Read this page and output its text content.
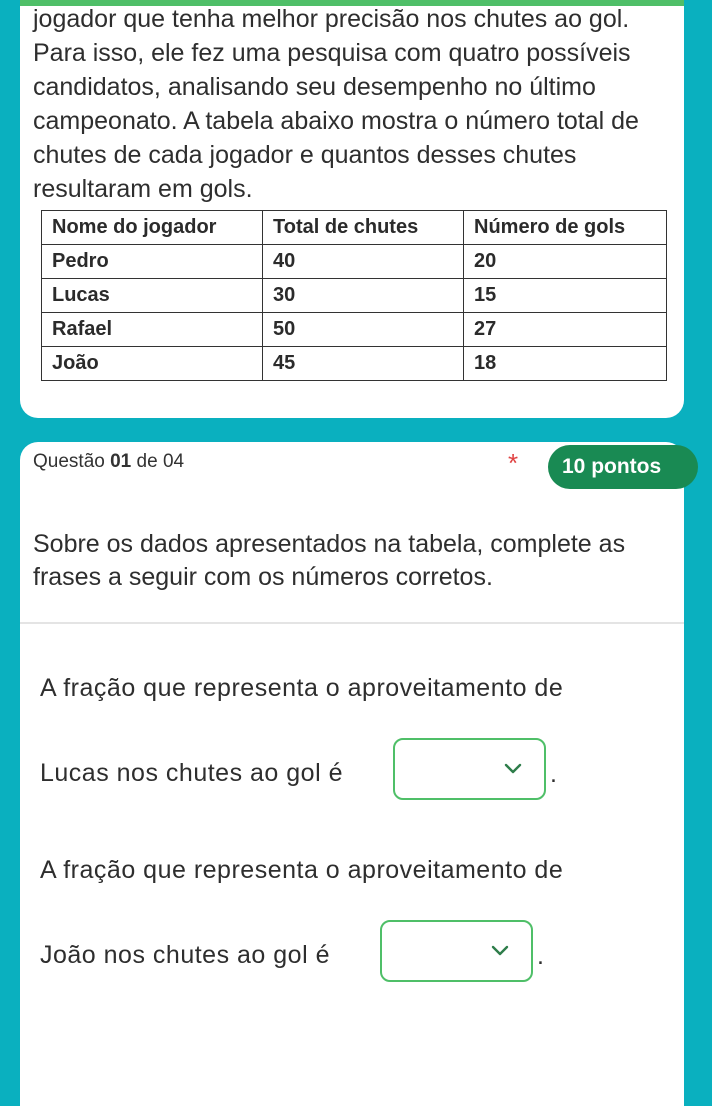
jogador que tenha melhor precisão nos chutes ao gol. Para isso, ele fez uma pesquisa com quatro possíveis candidatos, analisando seu desempenho no último campeonato. A tabela abaixo mostra o número total de chutes de cada jogador e quantos desses chutes resultaram em gols.

Nome do jogador	Total de chutes	Número de gols
Pedro	40	20
Lucas	30	15
Rafael	50	27
João	45	18
Questão 01 de 04	*	10 pontos

Sobre os dados apresentados na tabela, complete as frases a seguir com os números corretos.

A fração que representa o aproveitamento de
Lucas nos chutes ao gol é	.
A fração que representa o aproveitamento de
João nos chutes ao gol é	.
